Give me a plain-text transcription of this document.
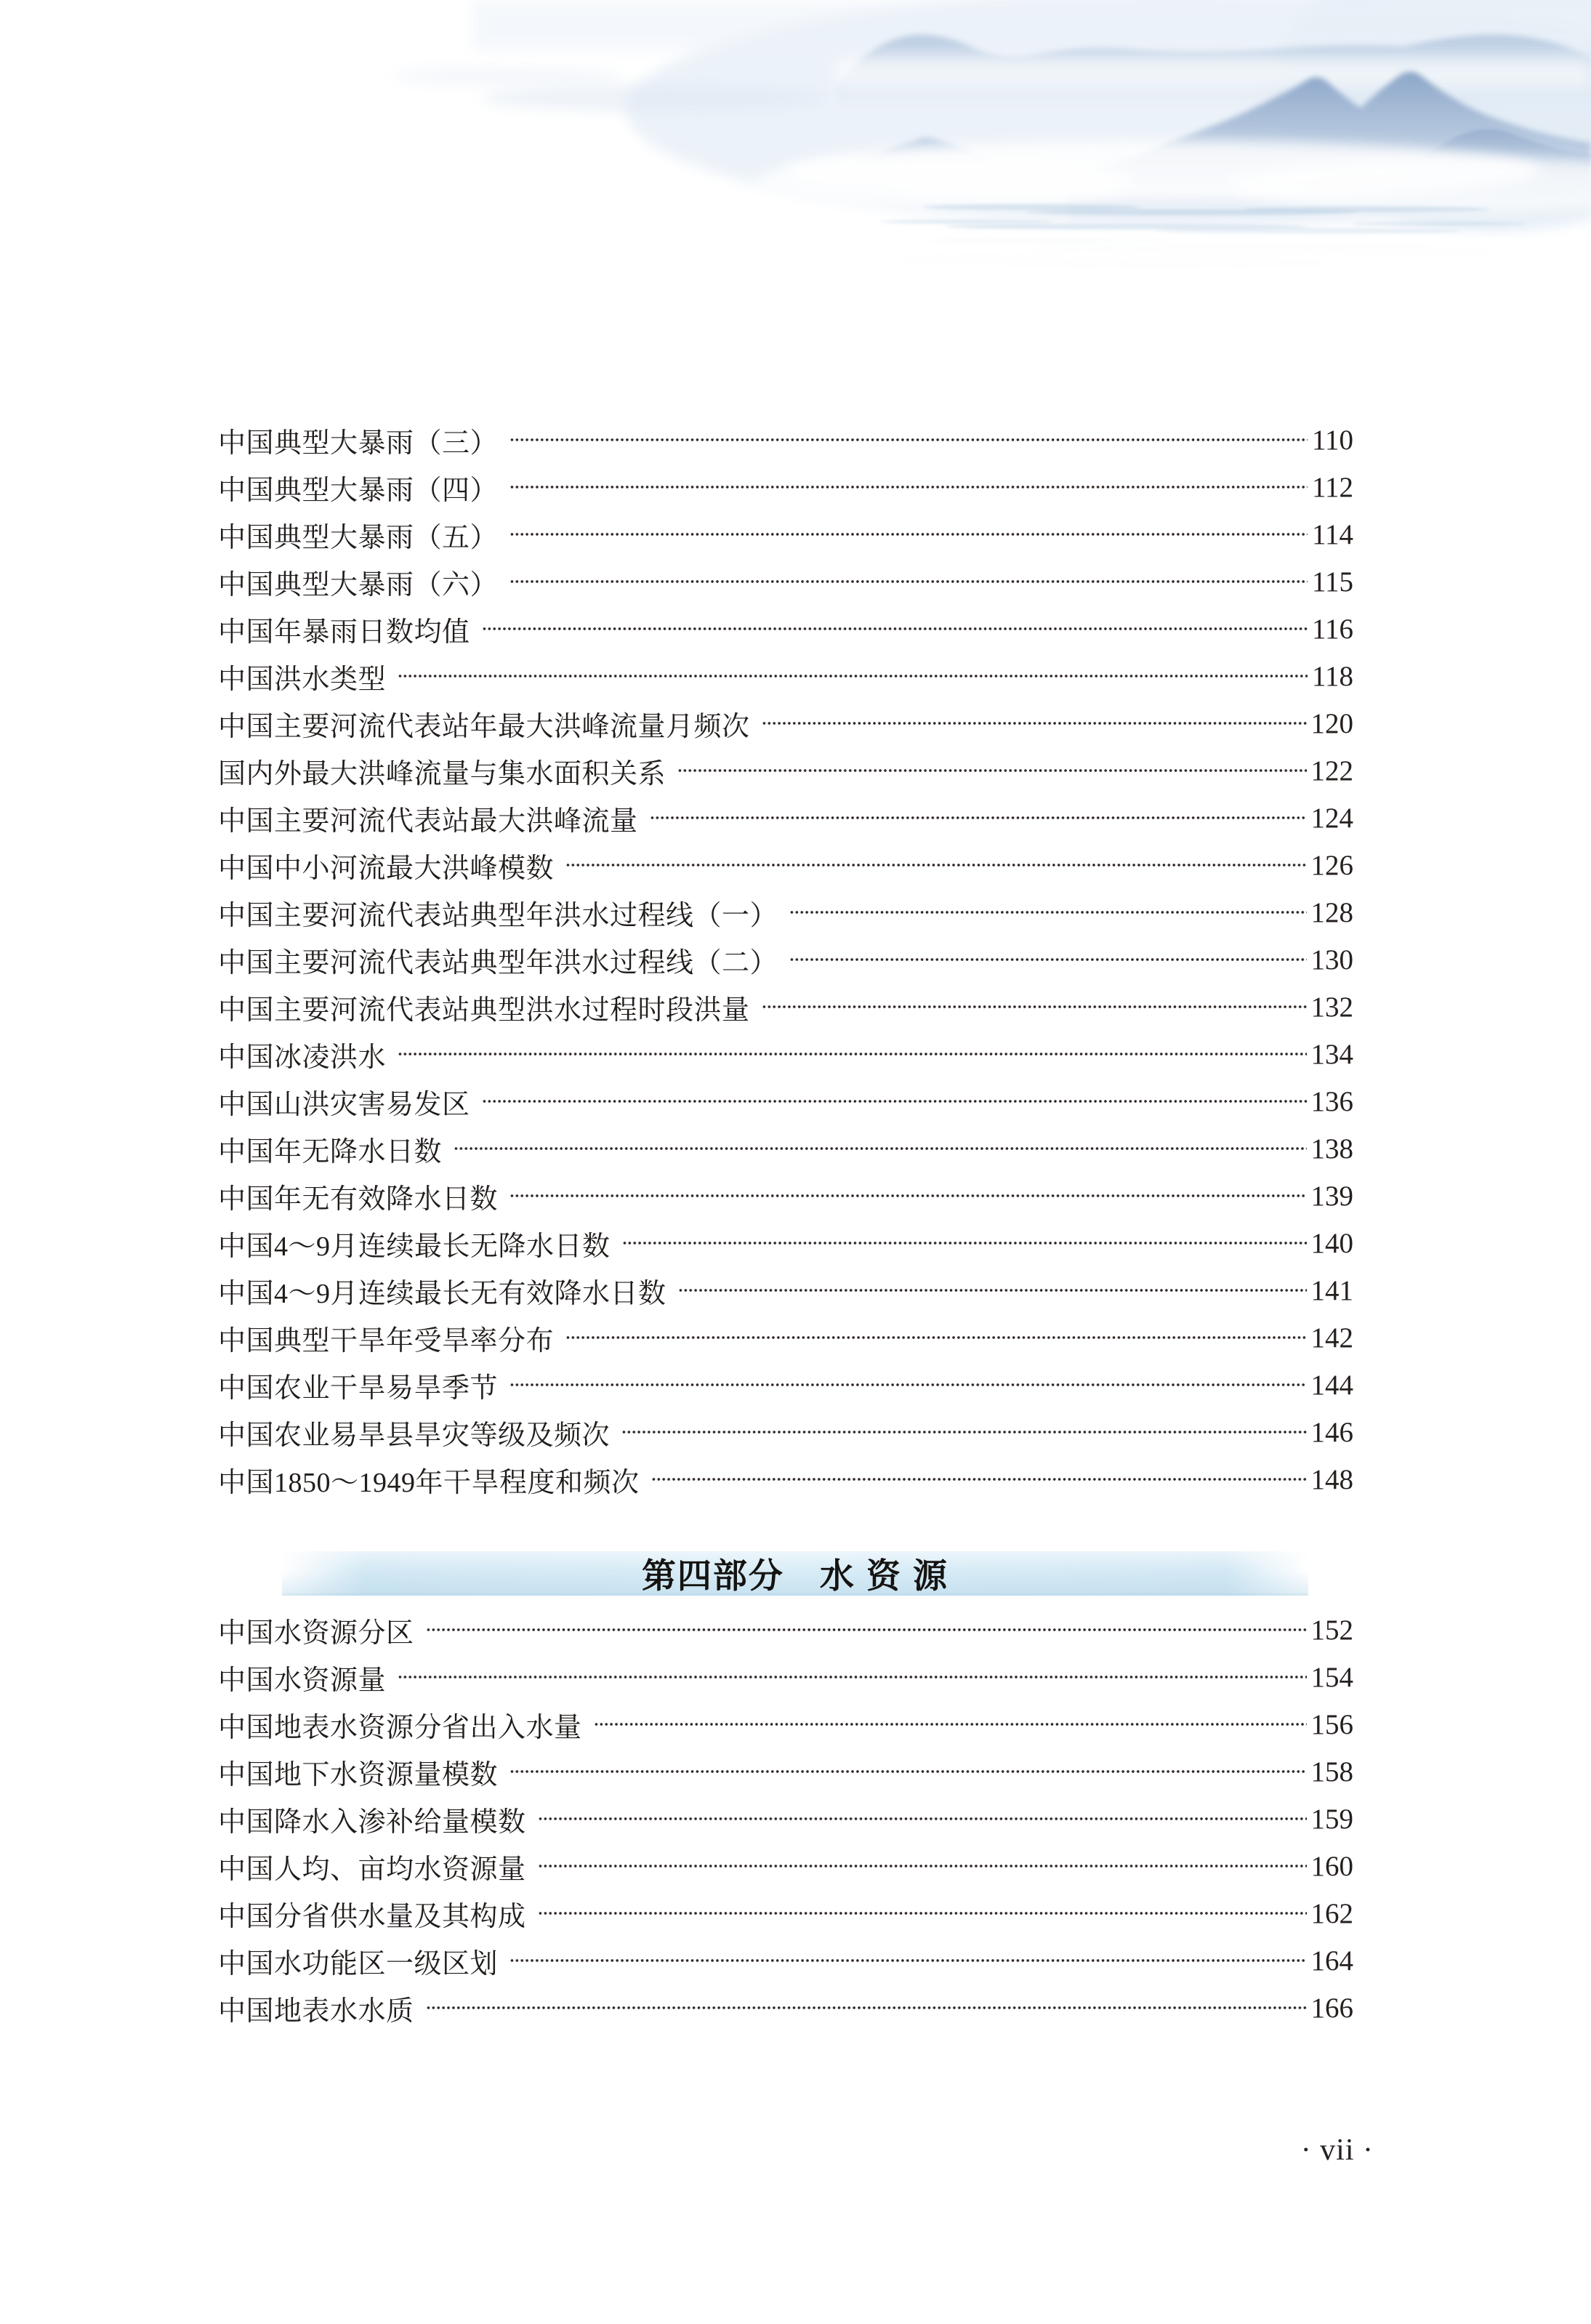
中国典型大暴雨（三）	110
中国典型大暴雨（四）	112
中国典型大暴雨（五）	114
中国典型大暴雨（六）	115
中国年暴雨日数均值	116
中国洪水类型	118
中国主要河流代表站年最大洪峰流量月频次	120
国内外最大洪峰流量与集水面积关系	122
中国主要河流代表站最大洪峰流量	124
中国中小河流最大洪峰模数	126
中国主要河流代表站典型年洪水过程线（一）	128
中国主要河流代表站典型年洪水过程线（二）	130
中国主要河流代表站典型洪水过程时段洪量	132
中国冰凌洪水	134
中国山洪灾害易发区	136
中国年无降水日数	138
中国年无有效降水日数	139
中国4～9月连续最长无降水日数	140
中国4～9月连续最长无有效降水日数	141
中国典型干旱年受旱率分布	142
中国农业干旱易旱季节	144
中国农业易旱县旱灾等级及频次	146
中国1850～1949年干旱程度和频次	148
第四部分　水 资 源
中国水资源分区	152
中国水资源量	154
中国地表水资源分省出入水量	156
中国地下水资源量模数	158
中国降水入渗补给量模数	159
中国人均、亩均水资源量	160
中国分省供水量及其构成	162
中国水功能区一级区划	164
中国地表水水质	166
· vii ·
